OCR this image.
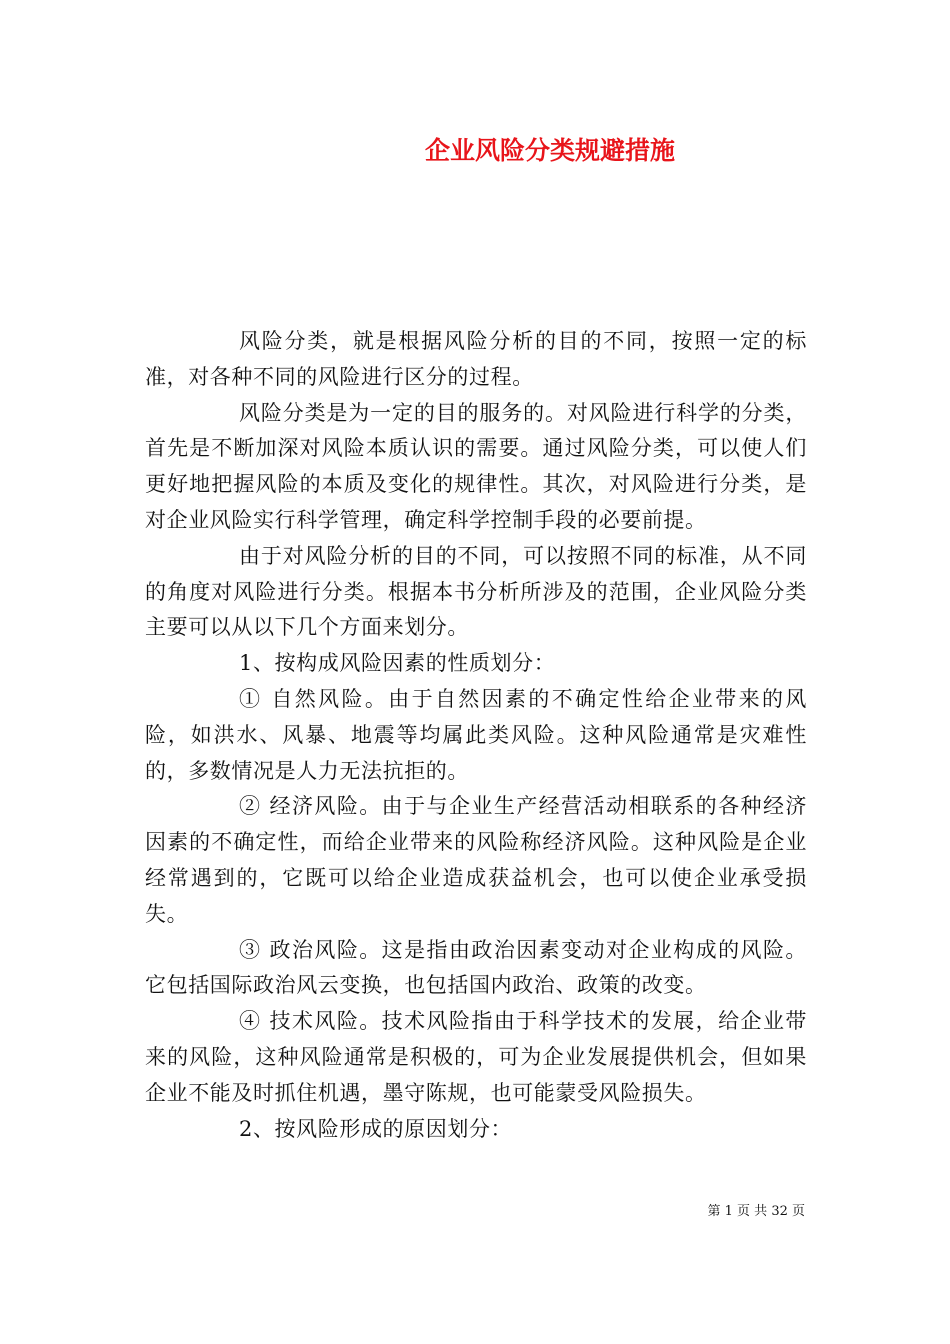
企业风险分类规避措施

风险分类，就是根据风险分析的目的不同，按照一定的标准，对各种不同的风险进行区分的过程。

风险分类是为一定的目的服务的。对风险进行科学的分类，首先是不断加深对风险本质认识的需要。通过风险分类，可以使人们更好地把握风险的本质及变化的规律性。其次，对风险进行分类，是对企业风险实行科学管理，确定科学控制手段的必要前提。

由于对风险分析的目的不同，可以按照不同的标准，从不同的角度对风险进行分类。根据本书分析所涉及的范围，企业风险分类主要可以从以下几个方面来划分。

1、按构成风险因素的性质划分：

① 自然风险。由于自然因素的不确定性给企业带来的风险，如洪水、风暴、地震等均属此类风险。这种风险通常是灾难性的，多数情况是人力无法抗拒的。

② 经济风险。由于与企业生产经营活动相联系的各种经济因素的不确定性，而给企业带来的风险称经济风险。这种风险是企业经常遇到的，它既可以给企业造成获益机会，也可以使企业承受损失。

③ 政治风险。这是指由政治因素变动对企业构成的风险。它包括国际政治风云变换，也包括国内政治、政策的改变。

④ 技术风险。技术风险指由于科学技术的发展，给企业带来的风险，这种风险通常是积极的，可为企业发展提供机会，但如果企业不能及时抓住机遇，墨守陈规，也可能蒙受风险损失。

2、按风险形成的原因划分：

第 1 页 共 32 页
